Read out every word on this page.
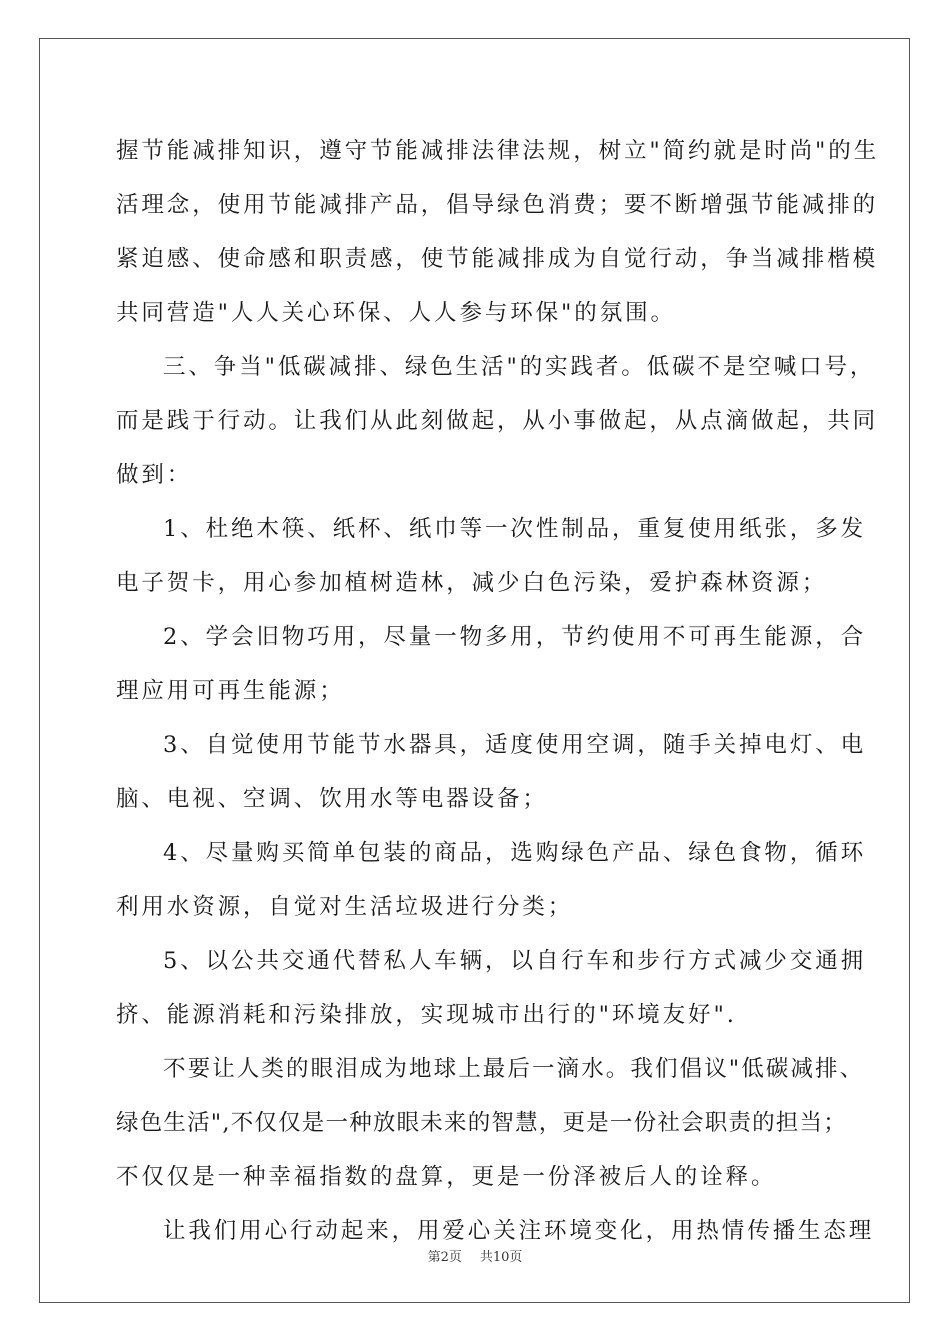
握节能减排知识，遵守节能减排法律法规，树立"简约就是时尚"的生
活理念，使用节能减排产品，倡导绿色消费；要不断增强节能减排的
紧迫感、使命感和职责感，使节能减排成为自觉行动，争当减排楷模
共同营造"人人关心环保、人人参与环保"的氛围。
三、争当"低碳减排、绿色生活"的实践者。低碳不是空喊口号，
而是践于行动。让我们从此刻做起，从小事做起，从点滴做起，共同
做到：
1、杜绝木筷、纸杯、纸巾等一次性制品，重复使用纸张，多发
电子贺卡，用心参加植树造林，减少白色污染，爱护森林资源；
2、学会旧物巧用，尽量一物多用，节约使用不可再生能源，合
理应用可再生能源；
3、自觉使用节能节水器具，适度使用空调，随手关掉电灯、电
脑、电视、空调、饮用水等电器设备；
4、尽量购买简单包装的商品，选购绿色产品、绿色食物，循环
利用水资源，自觉对生活垃圾进行分类；
5、以公共交通代替私人车辆，以自行车和步行方式减少交通拥
挤、能源消耗和污染排放，实现城市出行的"环境友好".
不要让人类的眼泪成为地球上最后一滴水。我们倡议"低碳减排、
绿色生活",不仅仅是一种放眼未来的智慧，更是一份社会职责的担当；
不仅仅是一种幸福指数的盘算，更是一份泽被后人的诠释。
让我们用心行动起来，用爱心关注环境变化，用热情传播生态理
第2页 共10页
